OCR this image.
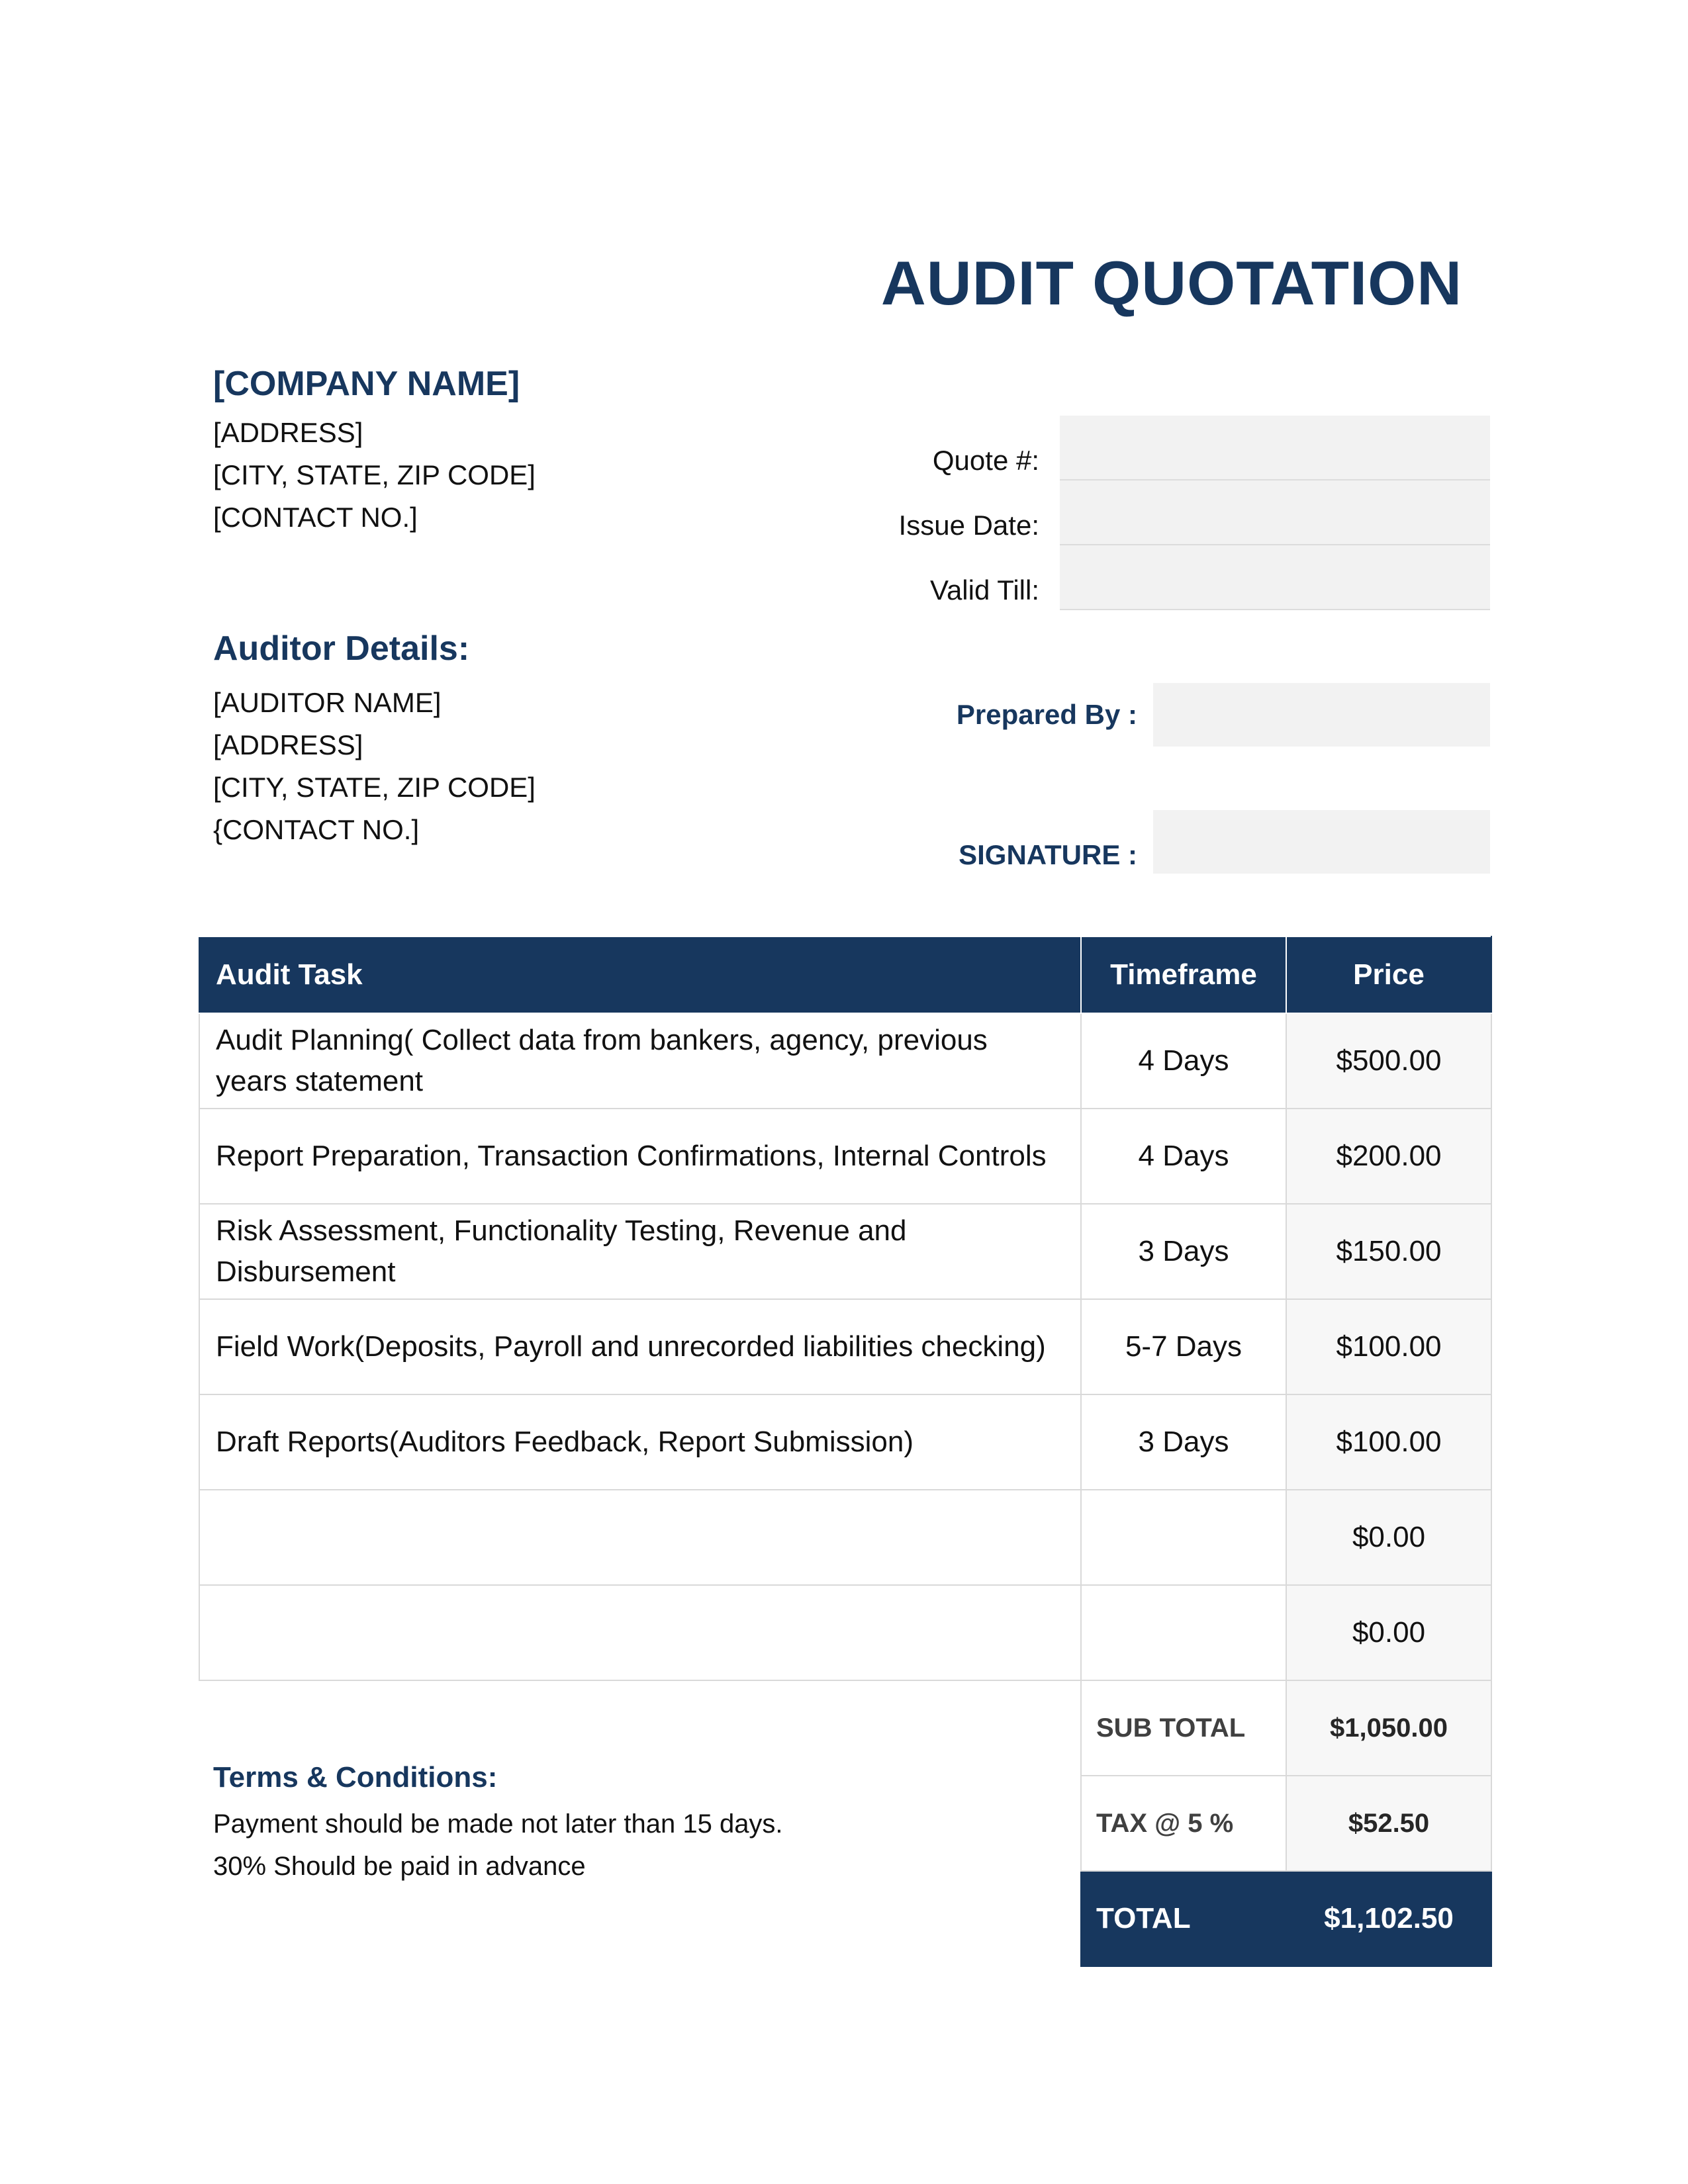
AUDIT QUOTATION
[COMPANY NAME]
[ADDRESS]
[CITY, STATE, ZIP CODE]
[CONTACT NO.]
Quote #:
Issue Date:
Valid Till:
Auditor Details:
[AUDITOR NAME]
[ADDRESS]
[CITY, STATE, ZIP CODE]
{CONTACT NO.]
Prepared By :
SIGNATURE :
Audit Task	Timeframe	Price
Audit Planning( Collect data from bankers, agency, previous years statement	4 Days	$500.00
Report Preparation, Transaction Confirmations, Internal Controls	4 Days	$200.00
Risk Assessment, Functionality Testing, Revenue and Disbursement	3 Days	$150.00
Field Work(Deposits, Payroll and unrecorded liabilities checking)	5-7 Days	$100.00
Draft Reports(Auditors Feedback, Report Submission)	3 Days	$100.00
		$0.00
		$0.00
	SUB TOTAL	$1,050.00
	TAX @ 5 %	$52.50
	TOTAL	$1,102.50
Terms & Conditions:
Payment should be made not later than 15 days.
30% Should be paid in advance
